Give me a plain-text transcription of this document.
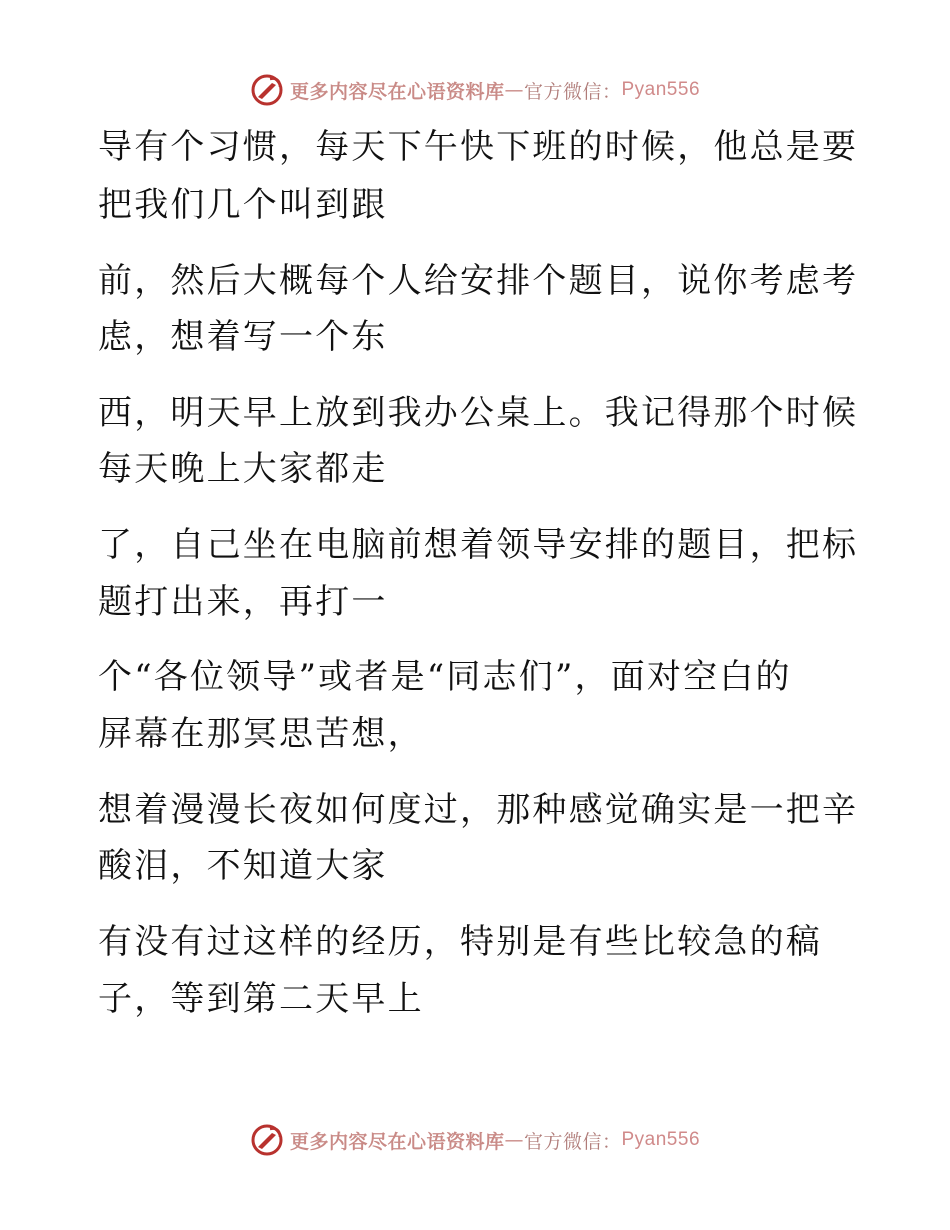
更多内容尽在心语资料库 — 官方微信： Pyan556
导有个习惯，每天下午快下班的时候，他总是要
把我们几个叫到跟
前，然后大概每个人给安排个题目，说你考虑考
虑，想着写一个东
西，明天早上放到我办公桌上。我记得那个时候
每天晚上大家都走
了，自己坐在电脑前想着领导安排的题目，把标
题打出来，再打一
个“各位领导”或者是“同志们”，面对空白的
屏幕在那冥思苦想，
想着漫漫长夜如何度过，那种感觉确实是一把辛
酸泪，不知道大家
有没有过这样的经历，特别是有些比较急的稿
子，等到第二天早上
更多内容尽在心语资料库 — 官方微信： Pyan556
